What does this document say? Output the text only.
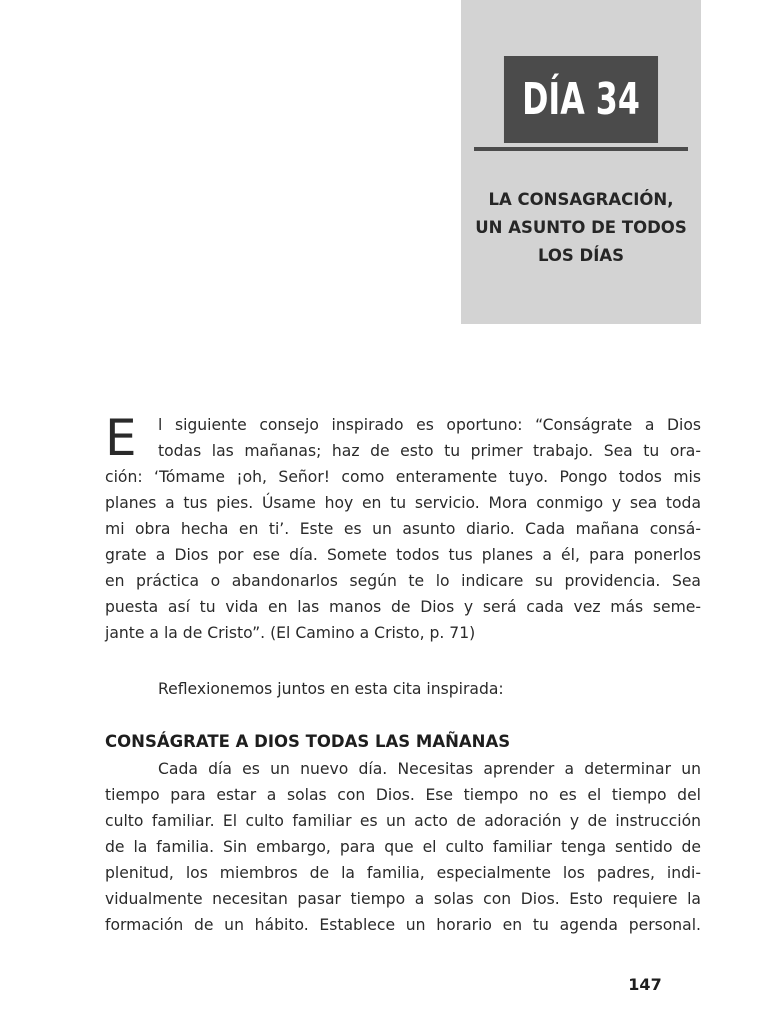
DÍA 34
LA CONSAGRACIÓN,
UN ASUNTO DE TODOS
LOS DÍAS
E l siguiente consejo inspirado es oportuno: “Conságrate a Dios
todas las mañanas; haz de esto tu primer trabajo. Sea tu ora-
ción: ‘Tómame ¡oh, Señor! como enteramente tuyo. Pongo todos mis
planes a tus pies. Úsame hoy en tu servicio. Mora conmigo y sea toda
mi obra hecha en ti’. Este es un asunto diario. Cada mañana consá-
grate a Dios por ese día. Somete todos tus planes a él, para ponerlos
en práctica o abandonarlos según te lo indicare su providencia. Sea
puesta así tu vida en las manos de Dios y será cada vez más seme-
jante a la de Cristo”. (El Camino a Cristo, p. 71)
Reflexionemos juntos en esta cita inspirada:
CONSÁGRATE A DIOS TODAS LAS MAÑANAS
Cada día es un nuevo día. Necesitas aprender a determinar un
tiempo para estar a solas con Dios. Ese tiempo no es el tiempo del
culto familiar. El culto familiar es un acto de adoración y de instrucción
de la familia. Sin embargo, para que el culto familiar tenga sentido de
plenitud, los miembros de la familia, especialmente los padres, indi-
vidualmente necesitan pasar tiempo a solas con Dios. Esto requiere la
formación de un hábito. Establece un horario en tu agenda personal.
147
